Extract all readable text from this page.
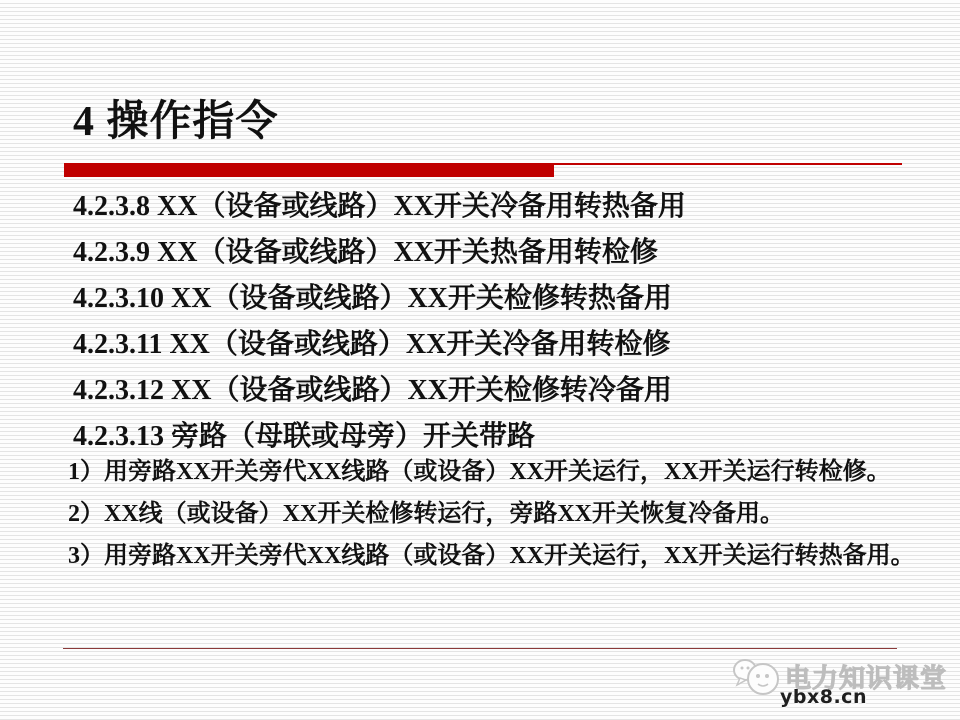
4 操作指令

4.2.3.8 XX（设备或线路）XX开关冷备用转热备用

4.2.3.9 XX（设备或线路）XX开关热备用转检修

4.2.3.10 XX（设备或线路）XX开关检修转热备用

4.2.3.11 XX（设备或线路）XX开关冷备用转检修

4.2.3.12 XX（设备或线路）XX开关检修转冷备用

4.2.3.13 旁路（母联或母旁）开关带路

1）用旁路XX开关旁代XX线路（或设备）XX开关运行，XX开关运行转检修。

2）XX线（或设备）XX开关检修转运行，旁路XX开关恢复冷备用。

3）用旁路XX开关旁代XX线路（或设备）XX开关运行，XX开关运行转热备用。

电力知识课堂
ybx8.cn
